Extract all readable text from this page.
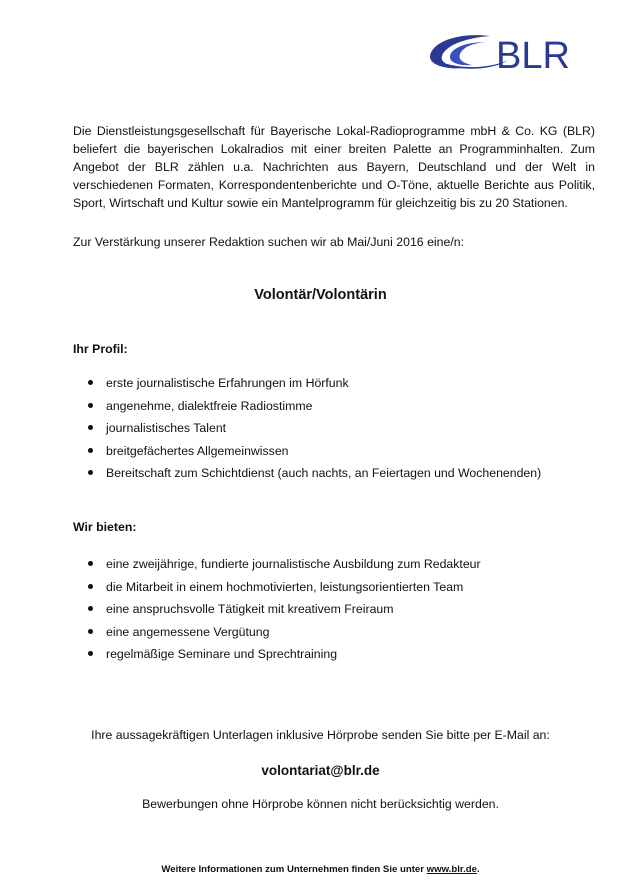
BLR

Die Dienstleistungsgesellschaft für Bayerische Lokal-Radioprogramme mbH & Co. KG (BLR) beliefert die bayerischen Lokalradios mit einer breiten Palette an Programminhalten. Zum Angebot der BLR zählen u.a. Nachrichten aus Bayern, Deutschland und der Welt in verschiedenen Formaten, Korrespondentenberichte und O-Töne, aktuelle Berichte aus Politik, Sport, Wirtschaft und Kultur sowie ein Mantelprogramm für gleichzeitig bis zu 20 Stationen.

Zur Verstärkung unserer Redaktion suchen wir ab Mai/Juni 2016 eine/n:

Volontär/Volontärin
Ihr Profil:
erste journalistische Erfahrungen im Hörfunk
angenehme, dialektfreie Radiostimme
journalistisches Talent
breitgefächertes Allgemeinwissen
Bereitschaft zum Schichtdienst (auch nachts, an Feiertagen und Wochenenden)
Wir bieten:
eine zweijährige, fundierte journalistische Ausbildung zum Redakteur
die Mitarbeit in einem hochmotivierten, leistungsorientierten Team
eine anspruchsvolle Tätigkeit mit kreativem Freiraum
eine angemessene Vergütung
regelmäßige Seminare und Sprechtraining

Ihre aussagekräftigen Unterlagen inklusive Hörprobe senden Sie bitte per E-Mail an:

volontariat@blr.de

Bewerbungen ohne Hörprobe können nicht berücksichtig werden.

Weitere Informationen zum Unternehmen finden Sie unter www.blr.de.
